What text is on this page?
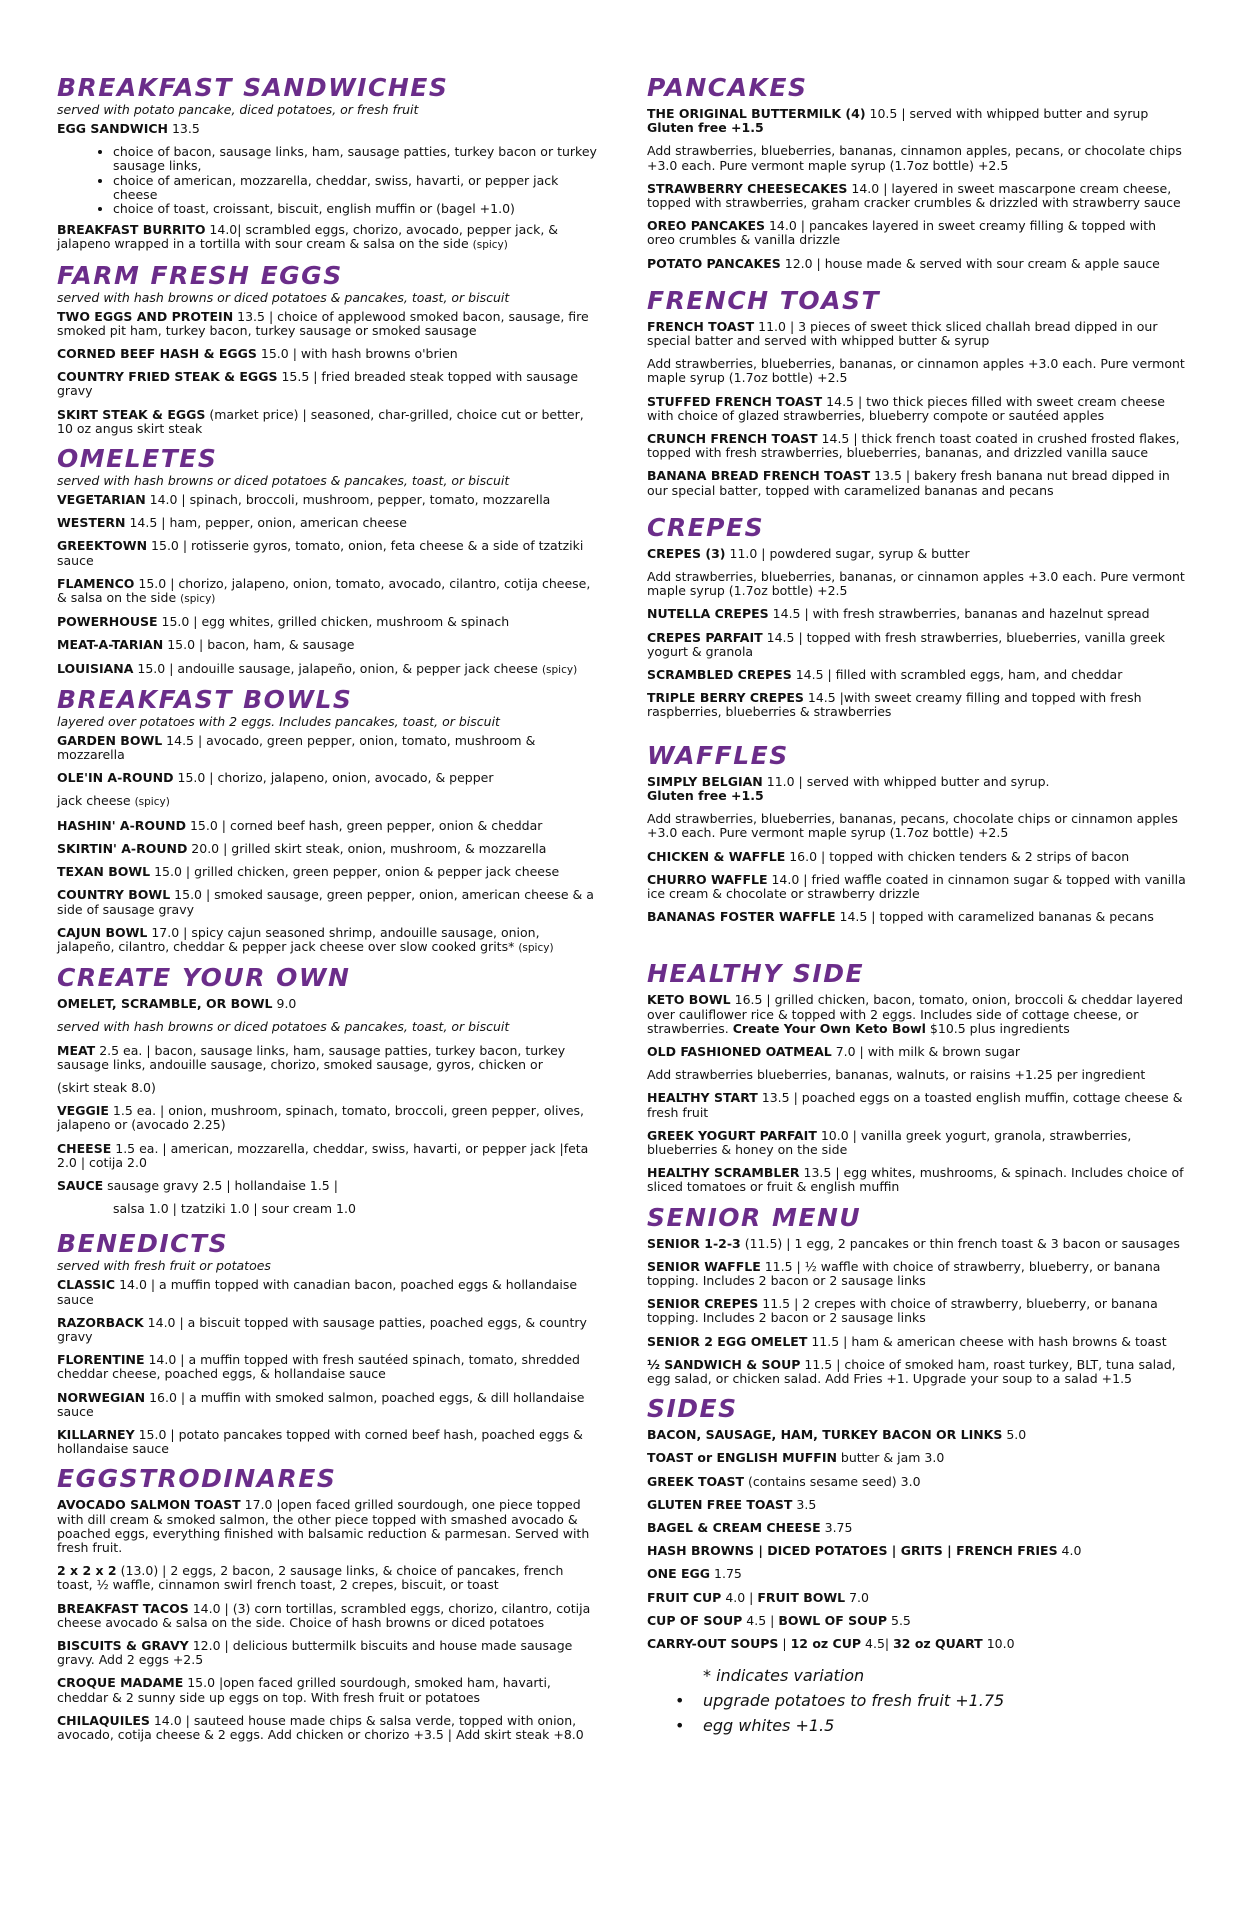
BREAKFAST SANDWICHES

served with potato pancake, diced potatoes, or fresh fruit

EGG SANDWICH 13.5

• choice of bacon, sausage links, ham, sausage patties, turkey bacon or turkey sausage links,
• choice of american, mozzarella, cheddar, swiss, havarti, or pepper jack cheese
• choice of toast, croissant, biscuit, english muffin or (bagel +1.0)

BREAKFAST BURRITO 14.0| scrambled eggs, chorizo, avocado, pepper jack, & jalapeno wrapped in a tortilla with sour cream & salsa on the side (spicy)

FARM FRESH EGGS

served with hash browns or diced potatoes & pancakes, toast, or biscuit

TWO EGGS AND PROTEIN 13.5 | choice of applewood smoked bacon, sausage, fire smoked pit ham, turkey bacon, turkey sausage or smoked sausage

CORNED BEEF HASH & EGGS 15.0 | with hash browns o'brien

COUNTRY FRIED STEAK & EGGS 15.5 | fried breaded steak topped with sausage gravy

SKIRT STEAK & EGGS (market price) | seasoned, char-grilled, choice cut or better, 10 oz angus skirt steak

OMELETES

served with hash browns or diced potatoes & pancakes, toast, or biscuit

VEGETARIAN 14.0 | spinach, broccoli, mushroom, pepper, tomato, mozzarella

WESTERN 14.5 | ham, pepper, onion, american cheese

GREEKTOWN 15.0 | rotisserie gyros, tomato, onion, feta cheese & a side of tzatziki sauce

FLAMENCO 15.0 | chorizo, jalapeno, onion, tomato, avocado, cilantro, cotija cheese, & salsa on the side (spicy)

POWERHOUSE 15.0 | egg whites, grilled chicken, mushroom & spinach

MEAT-A-TARIAN 15.0 | bacon, ham, & sausage

LOUISIANA 15.0 | andouille sausage, jalapeño, onion, & pepper jack cheese (spicy)

BREAKFAST BOWLS

layered over potatoes with 2 eggs. Includes pancakes, toast, or biscuit

GARDEN BOWL 14.5 | avocado, green pepper, onion, tomato, mushroom & mozzarella

OLE'IN A-ROUND 15.0 | chorizo, jalapeno, onion, avocado, & pepper

jack cheese (spicy)

HASHIN' A-ROUND 15.0 | corned beef hash, green pepper, onion & cheddar

SKIRTIN' A-ROUND 20.0 | grilled skirt steak, onion, mushroom, & mozzarella

TEXAN BOWL 15.0 | grilled chicken, green pepper, onion & pepper jack cheese

COUNTRY BOWL 15.0 | smoked sausage, green pepper, onion, american cheese & a side of sausage gravy

CAJUN BOWL 17.0 | spicy cajun seasoned shrimp, andouille sausage, onion, jalapeño, cilantro, cheddar & pepper jack cheese over slow cooked grits* (spicy)

CREATE YOUR OWN

OMELET, SCRAMBLE, OR BOWL 9.0

served with hash browns or diced potatoes & pancakes, toast, or biscuit

MEAT 2.5 ea. | bacon, sausage links, ham, sausage patties, turkey bacon, turkey sausage links, andouille sausage, chorizo, smoked sausage, gyros, chicken or

(skirt steak 8.0)

VEGGIE 1.5 ea. | onion, mushroom, spinach, tomato, broccoli, green pepper, olives, jalapeno or (avocado 2.25)

CHEESE 1.5 ea. | american, mozzarella, cheddar, swiss, havarti, or pepper jack |feta 2.0 | cotija 2.0

SAUCE sausage gravy 2.5 | hollandaise 1.5 |

salsa 1.0 | tzatziki 1.0 | sour cream 1.0

BENEDICTS

served with fresh fruit or potatoes

CLASSIC 14.0 | a muffin topped with canadian bacon, poached eggs & hollandaise sauce

RAZORBACK 14.0 | a biscuit topped with sausage patties, poached eggs, & country gravy

FLORENTINE 14.0 | a muffin topped with fresh sautéed spinach, tomato, shredded cheddar cheese, poached eggs, & hollandaise sauce

NORWEGIAN 16.0 | a muffin with smoked salmon, poached eggs, & dill hollandaise sauce

KILLARNEY 15.0 | potato pancakes topped with corned beef hash, poached eggs & hollandaise sauce

EGGSTRODINARES

AVOCADO SALMON TOAST 17.0 |open faced grilled sourdough, one piece topped with dill cream & smoked salmon, the other piece topped with smashed avocado & poached eggs, everything finished with balsamic reduction & parmesan. Served with fresh fruit.

2 x 2 x 2 (13.0) | 2 eggs, 2 bacon, 2 sausage links, & choice of pancakes, french toast, ½ waffle, cinnamon swirl french toast, 2 crepes, biscuit, or toast

BREAKFAST TACOS 14.0 | (3) corn tortillas, scrambled eggs, chorizo, cilantro, cotija cheese avocado & salsa on the side. Choice of hash browns or diced potatoes

BISCUITS & GRAVY 12.0 | delicious buttermilk biscuits and house made sausage gravy. Add 2 eggs +2.5

CROQUE MADAME 15.0 |open faced grilled sourdough, smoked ham, havarti, cheddar & 2 sunny side up eggs on top. With fresh fruit or potatoes

CHILAQUILES 14.0 | sauteed house made chips & salsa verde, topped with onion, avocado, cotija cheese & 2 eggs. Add chicken or chorizo +3.5 | Add skirt steak +8.0

PANCAKES

THE ORIGINAL BUTTERMILK (4) 10.5 | served with whipped butter and syrup
Gluten free +1.5

Add strawberries, blueberries, bananas, cinnamon apples, pecans, or chocolate chips +3.0 each. Pure vermont maple syrup (1.7oz bottle) +2.5

STRAWBERRY CHEESECAKES 14.0 | layered in sweet mascarpone cream cheese, topped with strawberries, graham cracker crumbles & drizzled with strawberry sauce

OREO PANCAKES 14.0 | pancakes layered in sweet creamy filling & topped with oreo crumbles & vanilla drizzle

POTATO PANCAKES 12.0 | house made & served with sour cream & apple sauce

FRENCH TOAST

FRENCH TOAST 11.0 | 3 pieces of sweet thick sliced challah bread dipped in our special batter and served with whipped butter & syrup

Add strawberries, blueberries, bananas, or cinnamon apples +3.0 each. Pure vermont maple syrup (1.7oz bottle) +2.5

STUFFED FRENCH TOAST 14.5 | two thick pieces filled with sweet cream cheese with choice of glazed strawberries, blueberry compote or sautéed apples

CRUNCH FRENCH TOAST 14.5 | thick french toast coated in crushed frosted flakes, topped with fresh strawberries, blueberries, bananas, and drizzled vanilla sauce

BANANA BREAD FRENCH TOAST 13.5 | bakery fresh banana nut bread dipped in our special batter, topped with caramelized bananas and pecans

CREPES

CREPES (3) 11.0 | powdered sugar, syrup & butter

Add strawberries, blueberries, bananas, or cinnamon apples +3.0 each. Pure vermont maple syrup (1.7oz bottle) +2.5

NUTELLA CREPES 14.5 | with fresh strawberries, bananas and hazelnut spread

CREPES PARFAIT 14.5 | topped with fresh strawberries, blueberries, vanilla greek yogurt & granola

SCRAMBLED CREPES 14.5 | filled with scrambled eggs, ham, and cheddar

TRIPLE BERRY CREPES 14.5 |with sweet creamy filling and topped with fresh raspberries, blueberries & strawberries

WAFFLES

SIMPLY BELGIAN 11.0 | served with whipped butter and syrup.
Gluten free +1.5

Add strawberries, blueberries, bananas, pecans, chocolate chips or cinnamon apples +3.0 each. Pure vermont maple syrup (1.7oz bottle) +2.5

CHICKEN & WAFFLE 16.0 | topped with chicken tenders & 2 strips of bacon

CHURRO WAFFLE 14.0 | fried waffle coated in cinnamon sugar & topped with vanilla ice cream & chocolate or strawberry drizzle

BANANAS FOSTER WAFFLE 14.5 | topped with caramelized bananas & pecans

HEALTHY SIDE

KETO BOWL 16.5 | grilled chicken, bacon, tomato, onion, broccoli & cheddar layered over cauliflower rice & topped with 2 eggs. Includes side of cottage cheese, or strawberries. Create Your Own Keto Bowl $10.5 plus ingredients

OLD FASHIONED OATMEAL 7.0 | with milk & brown sugar

Add strawberries blueberries, bananas, walnuts, or raisins +1.25 per ingredient

HEALTHY START 13.5 | poached eggs on a toasted english muffin, cottage cheese & fresh fruit

GREEK YOGURT PARFAIT 10.0 | vanilla greek yogurt, granola, strawberries, blueberries & honey on the side

HEALTHY SCRAMBLER 13.5 | egg whites, mushrooms, & spinach. Includes choice of sliced tomatoes or fruit & english muffin

SENIOR MENU

SENIOR 1-2-3 (11.5) | 1 egg, 2 pancakes or thin french toast & 3 bacon or sausages

SENIOR WAFFLE 11.5 | ½ waffle with choice of strawberry, blueberry, or banana topping. Includes 2 bacon or 2 sausage links

SENIOR CREPES 11.5 | 2 crepes with choice of strawberry, blueberry, or banana topping. Includes 2 bacon or 2 sausage links

SENIOR 2 EGG OMELET 11.5 | ham & american cheese with hash browns & toast

½ SANDWICH & SOUP 11.5 | choice of smoked ham, roast turkey, BLT, tuna salad, egg salad, or chicken salad. Add Fries +1. Upgrade your soup to a salad +1.5

SIDES

BACON, SAUSAGE, HAM, TURKEY BACON OR LINKS 5.0

TOAST or ENGLISH MUFFIN butter & jam 3.0

GREEK TOAST (contains sesame seed) 3.0

GLUTEN FREE TOAST 3.5

BAGEL & CREAM CHEESE 3.75

HASH BROWNS | DICED POTATOES | GRITS | FRENCH FRIES 4.0

ONE EGG 1.75

FRUIT CUP 4.0 | FRUIT BOWL 7.0

CUP OF SOUP 4.5 | BOWL OF SOUP 5.5

CARRY-OUT SOUPS | 12 oz CUP 4.5| 32 oz QUART 10.0

* indicates variation
• upgrade potatoes to fresh fruit +1.75
• egg whites +1.5
